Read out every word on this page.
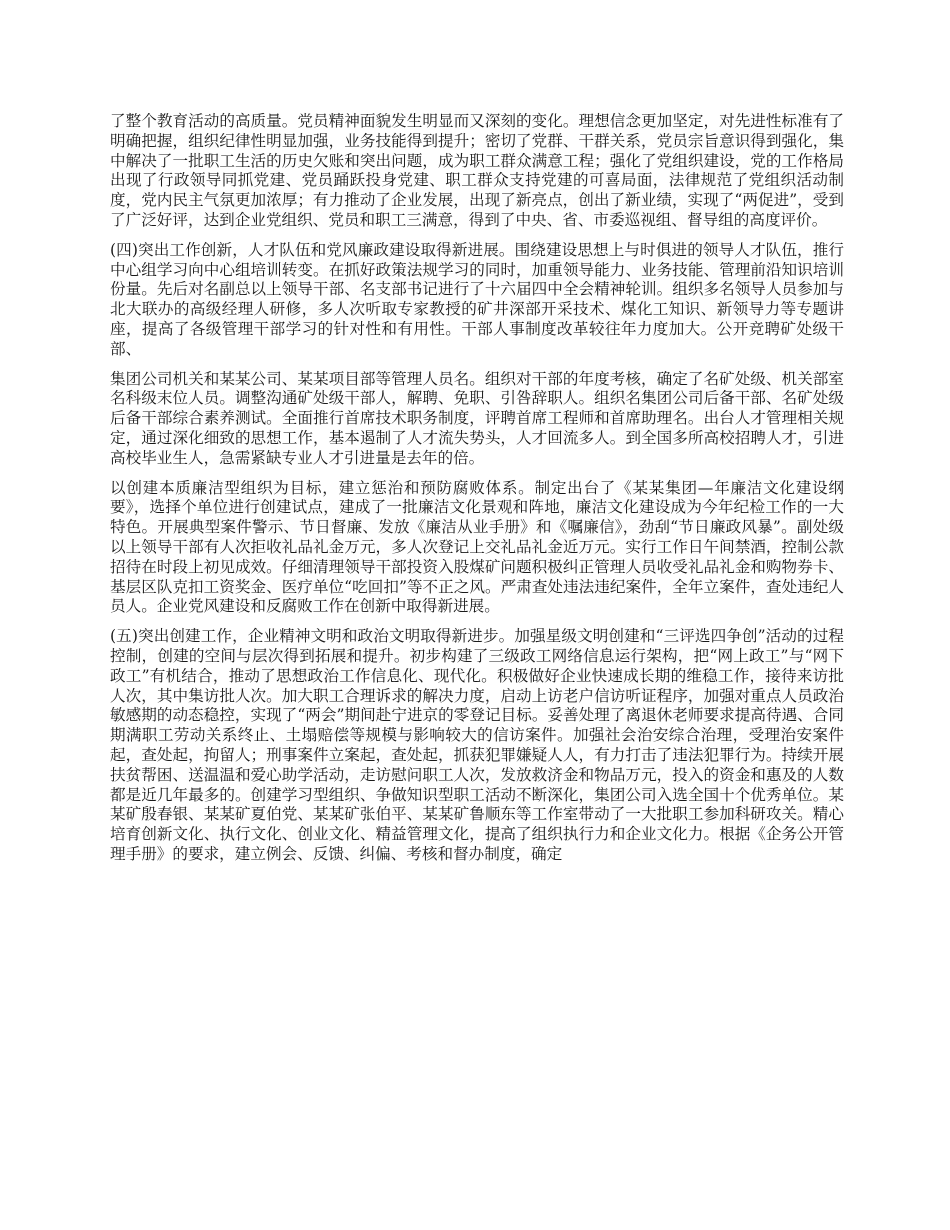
了整个教育活动的高质量。党员精神面貌发生明显而又深刻的变化。理想信念更加坚定，对先进性标准有了明确把握，组织纪律性明显加强，业务技能得到提升；密切了党群、干群关系，党员宗旨意识得到强化，集中解决了一批职工生活的历史欠账和突出问题，成为职工群众满意工程；强化了党组织建设，党的工作格局出现了行政领导同抓党建、党员踊跃投身党建、职工群众支持党建的可喜局面，法律规范了党组织活动制度，党内民主气氛更加浓厚；有力推动了企业发展，出现了新亮点，创出了新业绩，实现了“两促进”，受到了广泛好评，达到企业党组织、党员和职工三满意，得到了中央、省、市委巡视组、督导组的高度评价。

(四)突出工作创新，人才队伍和党风廉政建设取得新进展。围绕建设思想上与时俱进的领导人才队伍，推行中心组学习向中心组培训转变。在抓好政策法规学习的同时，加重领导能力、业务技能、管理前沿知识培训份量。先后对名副总以上领导干部、名支部书记进行了十六届四中全会精神轮训。组织多名领导人员参加与北大联办的高级经理人研修，多人次听取专家教授的矿井深部开采技术、煤化工知识、新领导力等专题讲座，提高了各级管理干部学习的针对性和有用性。干部人事制度改革较往年力度加大。公开竞聘矿处级干部、

集团公司机关和某某公司、某某项目部等管理人员名。组织对干部的年度考核，确定了名矿处级、机关部室名科级末位人员。调整沟通矿处级干部人，解聘、免职、引咎辞职人。组织名集团公司后备干部、名矿处级后备干部综合素养测试。全面推行首席技术职务制度，评聘首席工程师和首席助理名。出台人才管理相关规定，通过深化细致的思想工作，基本遏制了人才流失势头，人才回流多人。到全国多所高校招聘人才，引进高校毕业生人，急需紧缺专业人才引进量是去年的倍。

以创建本质廉洁型组织为目标，建立惩治和预防腐败体系。制定出台了《某某集团—年廉洁文化建设纲要》，选择个单位进行创建试点，建成了一批廉洁文化景观和阵地，廉洁文化建设成为今年纪检工作的一大特色。开展典型案件警示、节日督廉、发放《廉洁从业手册》和《嘱廉信》，劲刮“节日廉政风暴”。副处级以上领导干部有人次拒收礼品礼金万元，多人次登记上交礼品礼金近万元。实行工作日午间禁酒，控制公款招待在时段上初见成效。仔细清理领导干部投资入股煤矿问题积极纠正管理人员收受礼品礼金和购物券卡、基层区队克扣工资奖金、医疗单位“吃回扣”等不正之风。严肃查处违法违纪案件，全年立案件，查处违纪人员人。企业党风建设和反腐败工作在创新中取得新进展。

(五)突出创建工作，企业精神文明和政治文明取得新进步。加强星级文明创建和“三评选四争创”活动的过程控制，创建的空间与层次得到拓展和提升。初步构建了三级政工网络信息运行架构，把“网上政工”与“网下政工”有机结合，推动了思想政治工作信息化、现代化。积极做好企业快速成长期的维稳工作，接待来访批人次，其中集访批人次。加大职工合理诉求的解决力度，启动上访老户信访听证程序，加强对重点人员政治敏感期的动态稳控，实现了“两会”期间赴宁进京的零登记目标。妥善处理了离退休老师要求提高待遇、合同期满职工劳动关系终止、土塌赔偿等规模与影响较大的信访案件。加强社会治安综合治理，受理治安案件起，查处起，拘留人；刑事案件立案起，查处起，抓获犯罪嫌疑人人，有力打击了违法犯罪行为。持续开展扶贫帮困、送温温和爱心助学活动，走访慰问职工人次，发放救济金和物品万元，投入的资金和惠及的人数都是近几年最多的。创建学习型组织、争做知识型职工活动不断深化，集团公司入选全国十个优秀单位。某某矿殷春银、某某矿夏伯党、某某矿张伯平、某某矿鲁顺东等工作室带动了一大批职工参加科研攻关。精心培育创新文化、执行文化、创业文化、精益管理文化，提高了组织执行力和企业文化力。根据《企务公开管理手册》的要求，建立例会、反馈、纠偏、考核和督办制度，确定
